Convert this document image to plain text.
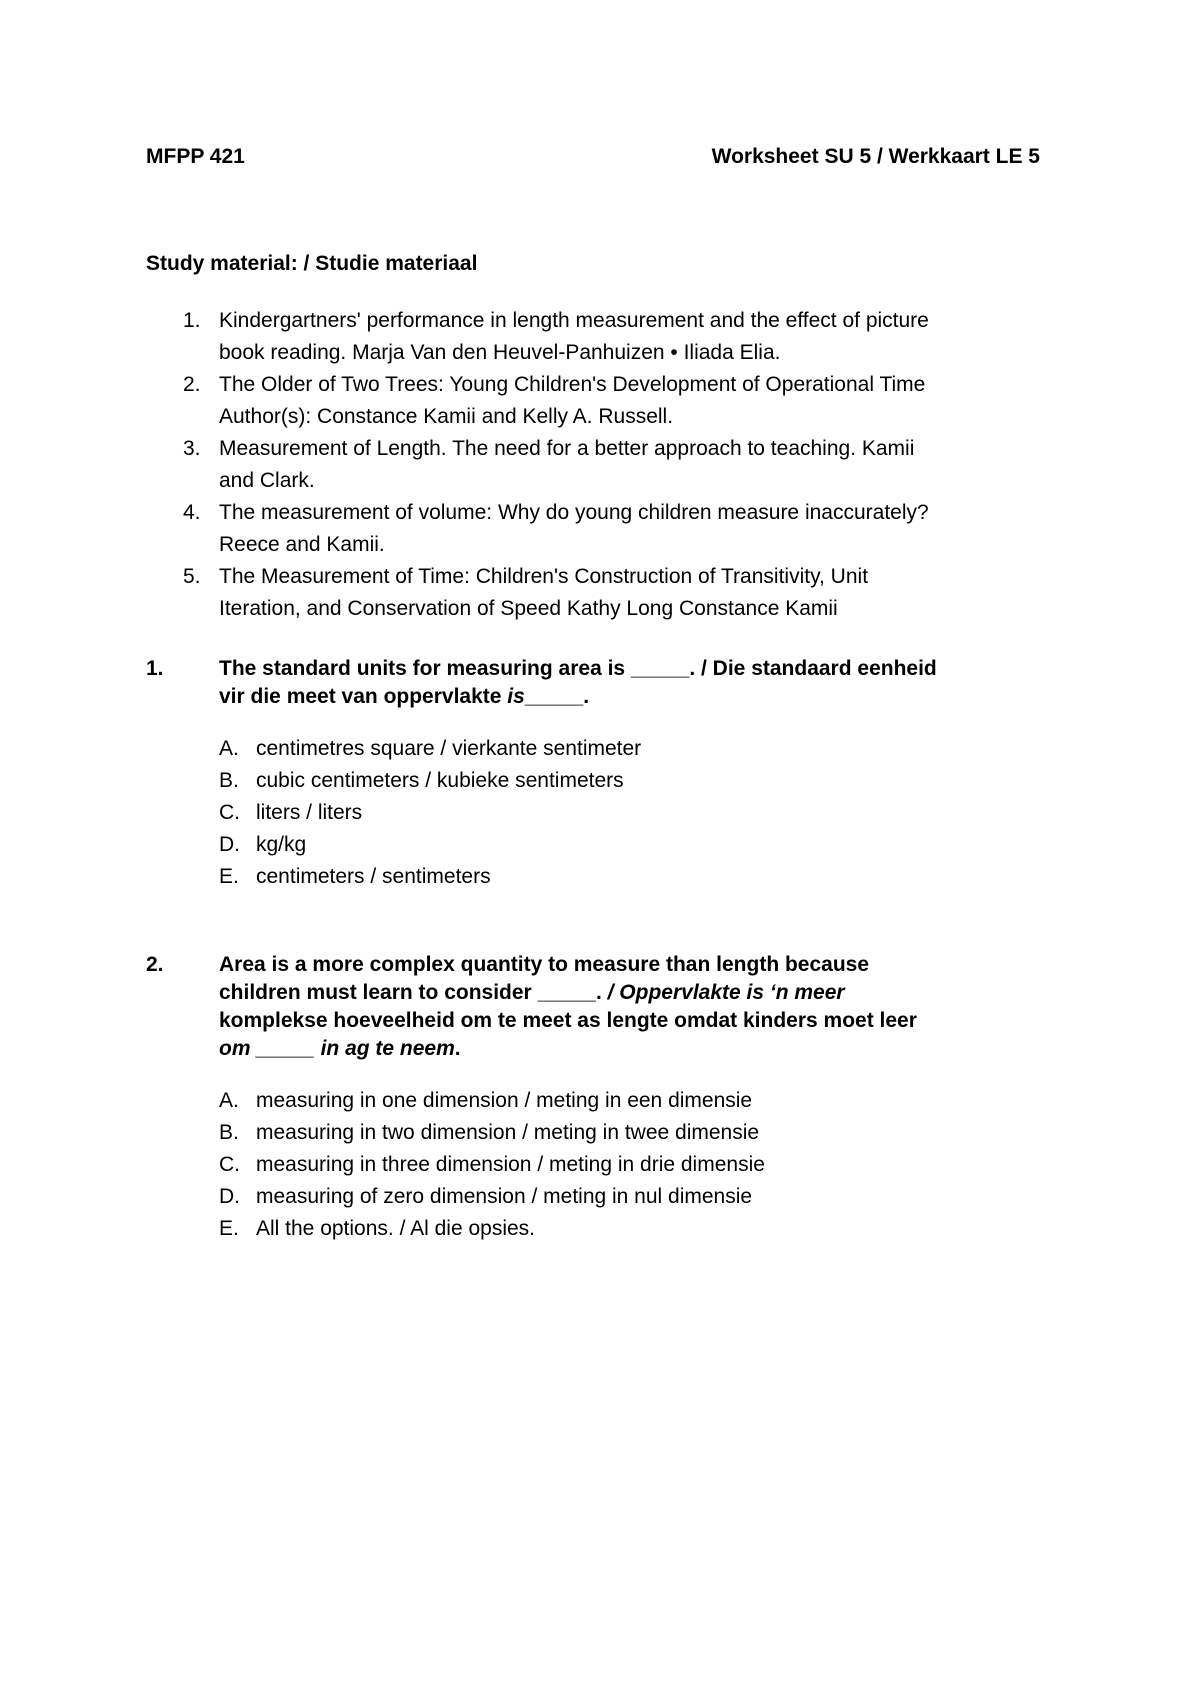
MFPP 421	Worksheet SU 5 / Werkkaart LE 5
Study material: / Studie materiaal
1. Kindergartners' performance in length measurement and the effect of picture
book reading. Marja Van den Heuvel-Panhuizen • Iliada Elia.
2. The Older of Two Trees: Young Children's Development of Operational Time
Author(s): Constance Kamii and Kelly A. Russell.
3. Measurement of Length. The need for a better approach to teaching. Kamii
and Clark.
4. The measurement of volume: Why do young children measure inaccurately?
Reece and Kamii.
5. The Measurement of Time: Children's Construction of Transitivity, Unit
Iteration, and Conservation of Speed Kathy Long Constance Kamii
1.	The standard units for measuring area is _____. / Die standaard eenheid
vir die meet van oppervlakte is_____.
A. centimetres square / vierkante sentimeter
B. cubic centimeters / kubieke sentimeters
C. liters / liters
D. kg/kg
E. centimeters / sentimeters
2.	Area is a more complex quantity to measure than length because
children must learn to consider _____. / Oppervlakte is ‘n meer
komplekse hoeveelheid om te meet as lengte omdat kinders moet leer
om _____ in ag te neem.
A. measuring in one dimension / meting in een dimensie
B. measuring in two dimension / meting in twee dimensie
C. measuring in three dimension / meting in drie dimensie
D. measuring of zero dimension / meting in nul dimensie
E. All the options. / Al die opsies.
